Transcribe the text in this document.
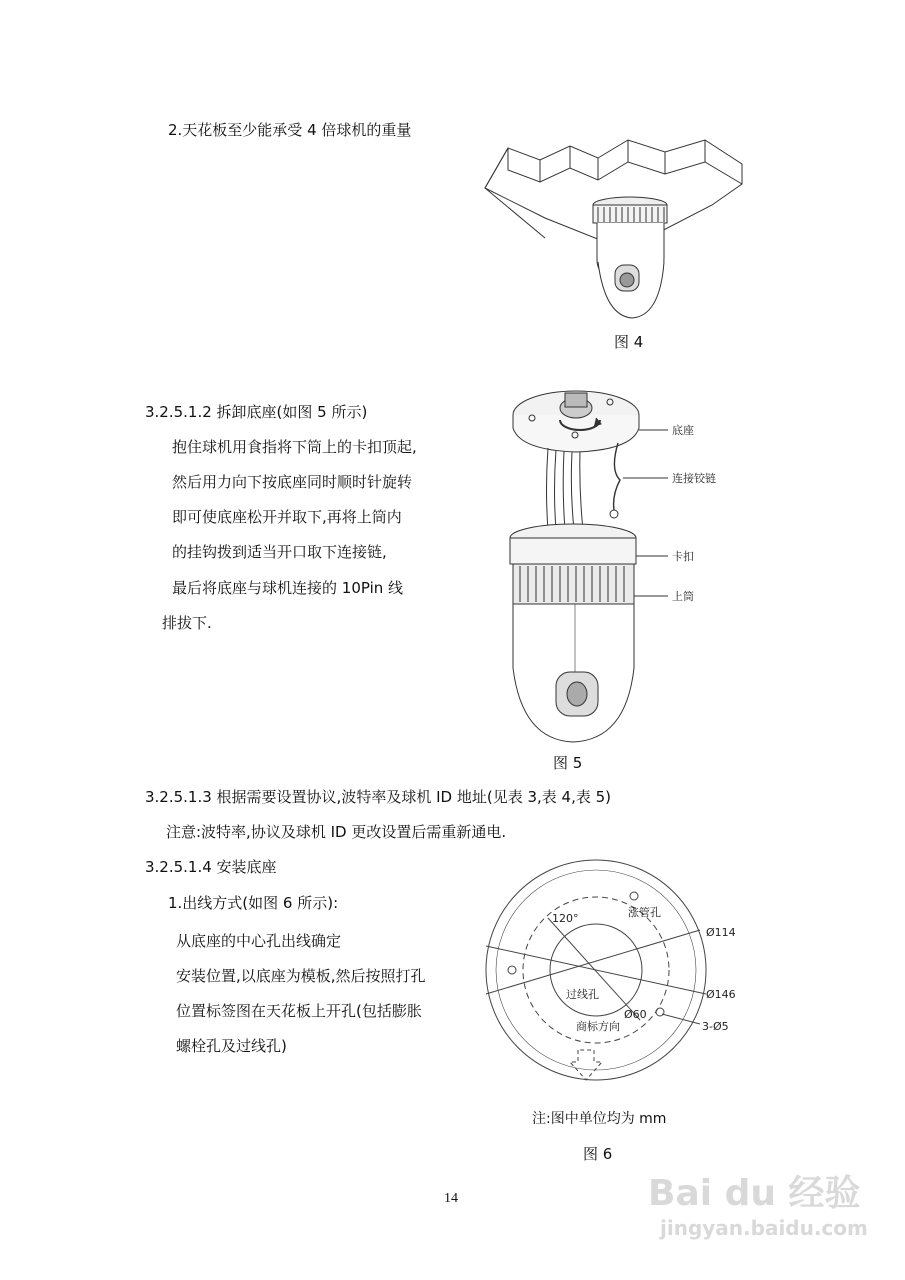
2.天花板至少能承受 4 倍球机的重量
图 4
3.2.5.1.2 拆卸底座(如图 5 所示)
抱住球机用食指将下筒上的卡扣顶起,
然后用力向下按底座同时顺时针旋转
即可使底座松开并取下,再将上筒内
的挂钩拨到适当开口取下连接链,
最后将底座与球机连接的 10Pin 线
排拔下.
底座
连接铰链
卡扣
上筒
图 5
3.2.5.1.3 根据需要设置协议,波特率及球机 ID 地址(见表 3,表 4,表 5)
注意:波特率,协议及球机 ID 更改设置后需重新通电.
3.2.5.1.4 安装底座
1.出线方式(如图 6 所示):
从底座的中心孔出线确定
安装位置,以底座为模板,然后按照打孔
位置标签图在天花板上开孔(包括膨胀
螺栓孔及过线孔)
120°	涨管孔
Ø114
Ø146
过线孔
Ø60
3-Ø5
商标方向
注:图中单位均为 mm
图 6
14	Bai du 经验
jingyan.baidu.com
